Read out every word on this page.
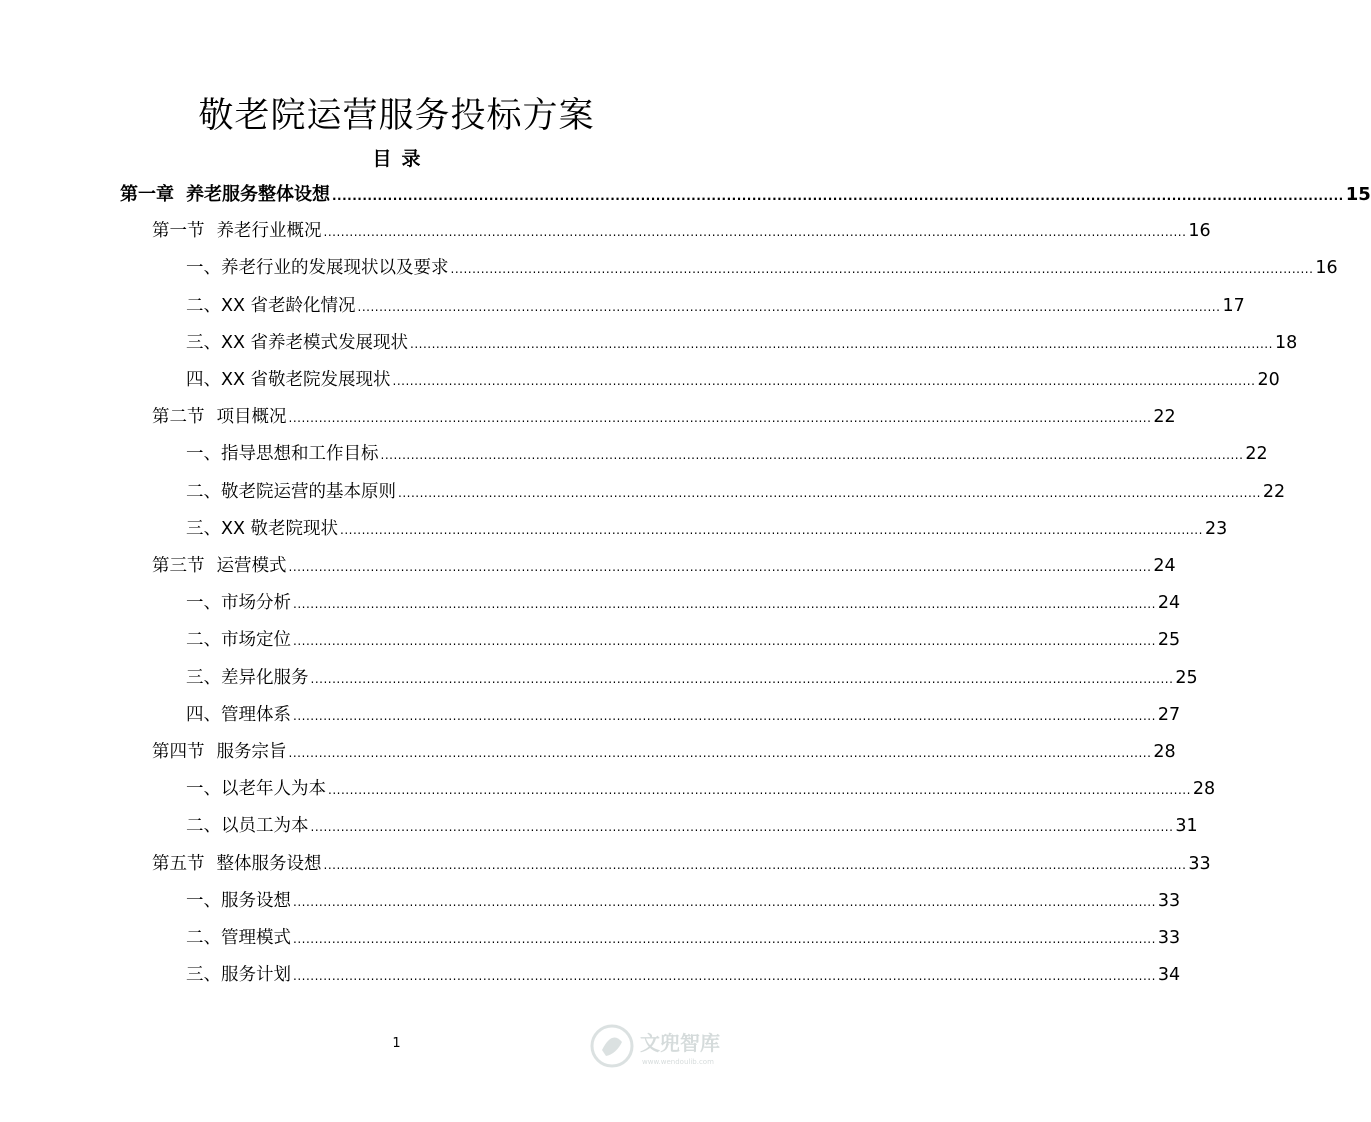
敬老院运营服务投标方案
目 录
第一章 养老服务整体设想 ........................................................................................................................................................................................................ 15
第一节 养老行业概况 ........................................................................................................................................................................................................ 16
一、养老行业的发展现状以及要求 ........................................................................................................................................................................................................ 16
二、XX 省老龄化情况 ........................................................................................................................................................................................................ 17
三、XX 省养老模式发展现状 ........................................................................................................................................................................................................ 18
四、XX 省敬老院发展现状 ........................................................................................................................................................................................................ 20
第二节 项目概况 ........................................................................................................................................................................................................ 22
一、指导思想和工作目标 ........................................................................................................................................................................................................ 22
二、敬老院运营的基本原则 ........................................................................................................................................................................................................ 22
三、XX 敬老院现状 ........................................................................................................................................................................................................ 23
第三节 运营模式 ........................................................................................................................................................................................................ 24
一、市场分析 ........................................................................................................................................................................................................ 24
二、市场定位 ........................................................................................................................................................................................................ 25
三、差异化服务 ........................................................................................................................................................................................................ 25
四、管理体系 ........................................................................................................................................................................................................ 27
第四节 服务宗旨 ........................................................................................................................................................................................................ 28
一、以老年人为本 ........................................................................................................................................................................................................ 28
二、以员工为本 ........................................................................................................................................................................................................ 31
第五节 整体服务设想 ........................................................................................................................................................................................................ 33
一、服务设想 ........................................................................................................................................................................................................ 33
二、管理模式 ........................................................................................................................................................................................................ 33
三、服务计划 ........................................................................................................................................................................................................ 34
1	文兜智库
www.wendoulib.com
